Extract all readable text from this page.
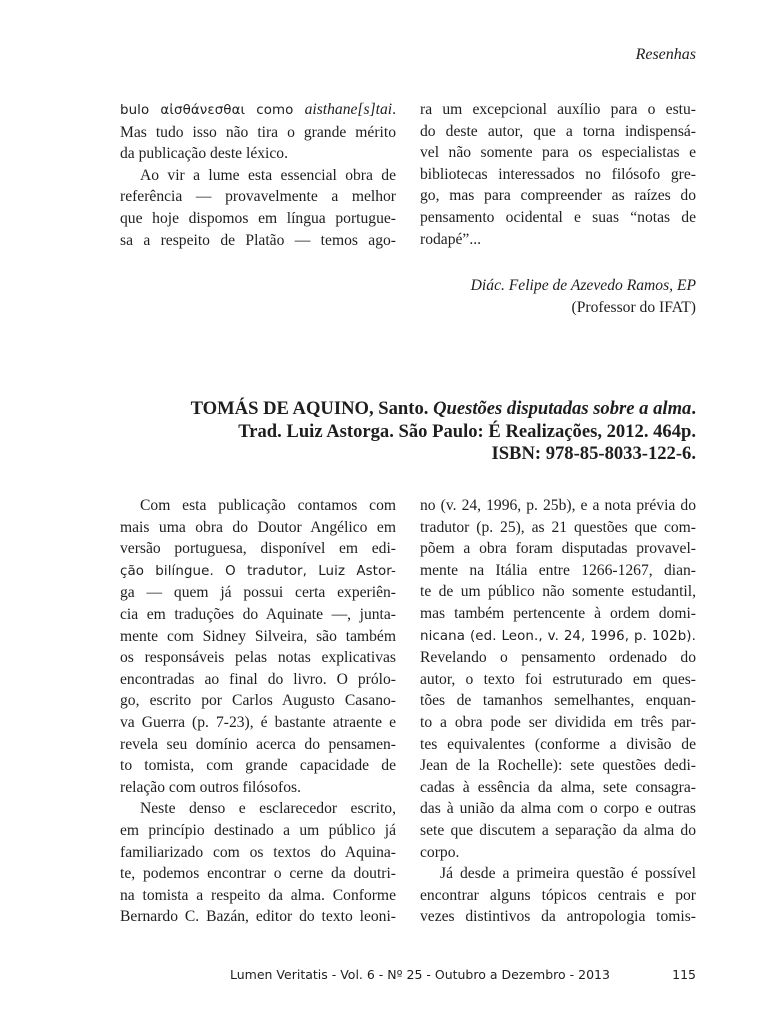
Resenhas

bulo αἰσθάνεσθαι como aisthane[s]tai.

Mas tudo isso não tira o grande mérito

da publicação deste léxico.

Ao vir a lume esta essencial obra de

referência — provavelmente a melhor

que hoje dispomos em língua portugue-

sa a respeito de Platão — temos ago-

ra um excepcional auxílio para o estu-

do deste autor, que a torna indispensá-

vel não somente para os especialistas e

bibliotecas interessados no filósofo gre-

go, mas para compreender as raízes do

pensamento ocidental e suas “notas de

rodapé”...

Diác. Felipe de Azevedo Ramos, EP
(Professor do IFAT)
TOMÁS DE AQUINO, Santo. Questões disputadas sobre a alma.
Trad. Luiz Astorga. São Paulo: É Realizações, 2012. 464p.
ISBN: 978-85-8033-122-6.

Com esta publicação contamos com

mais uma obra do Doutor Angélico em

versão portuguesa, disponível em edi-

ção bilíngue. O tradutor, Luiz Astor-

ga — quem já possui certa experiên-

cia em traduções do Aquinate —, junta-

mente com Sidney Silveira, são também

os responsáveis pelas notas explicativas

encontradas ao final do livro. O prólo-

go, escrito por Carlos Augusto Casano-

va Guerra (p. 7-23), é bastante atraente e

revela seu domínio acerca do pensamen-

to tomista, com grande capacidade de

relação com outros filósofos.

Neste denso e esclarecedor escrito,

em princípio destinado a um público já

familiarizado com os textos do Aquina-

te, podemos encontrar o cerne da doutri-

na tomista a respeito da alma. Conforme

Bernardo C. Bazán, editor do texto leoni-

no (v. 24, 1996, p. 25b), e a nota prévia do

tradutor (p. 25), as 21 questões que com-

põem a obra foram disputadas provavel-

mente na Itália entre 1266-1267, dian-

te de um público não somente estudantil,

mas também pertencente à ordem domi-

nicana (ed. Leon., v. 24, 1996, p. 102b).

Revelando o pensamento ordenado do

autor, o texto foi estruturado em ques-

tões de tamanhos semelhantes, enquan-

to a obra pode ser dividida em três par-

tes equivalentes (conforme a divisão de

Jean de la Rochelle): sete questões dedi-

cadas à essência da alma, sete consagra-

das à união da alma com o corpo e outras

sete que discutem a separação da alma do

corpo.

Já desde a primeira questão é possível

encontrar alguns tópicos centrais e por

vezes distintivos da antropologia tomis-

Lumen Veritatis - Vol. 6 - Nº 25 - Outubro a Dezembro - 2013	115
